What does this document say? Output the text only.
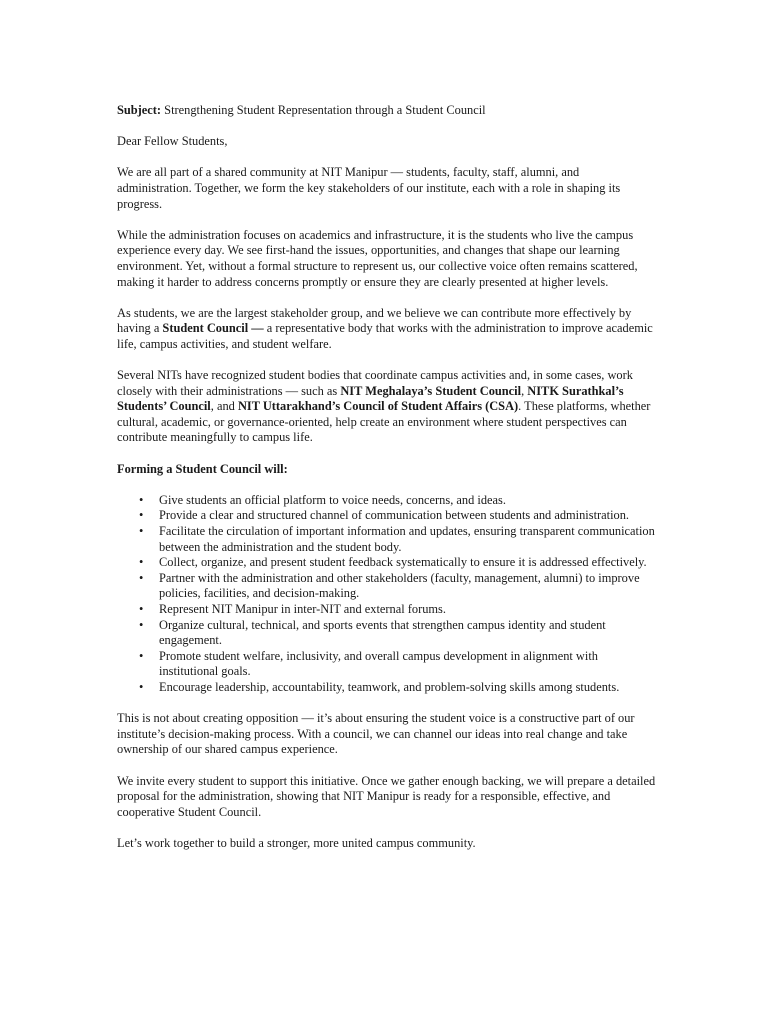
Subject: Strengthening Student Representation through a Student Council

Dear Fellow Students,

We are all part of a shared community at NIT Manipur — students, faculty, staff, alumni, and administration. Together, we form the key stakeholders of our institute, each with a role in shaping its progress.

While the administration focuses on academics and infrastructure, it is the students who live the campus experience every day. We see first-hand the issues, opportunities, and changes that shape our learning environment. Yet, without a formal structure to represent us, our collective voice often remains scattered, making it harder to address concerns promptly or ensure they are clearly presented at higher levels.

As students, we are the largest stakeholder group, and we believe we can contribute more effectively by having a Student Council — a representative body that works with the administration to improve academic life, campus activities, and student welfare.

Several NITs have recognized student bodies that coordinate campus activities and, in some cases, work closely with their administrations — such as NIT Meghalaya’s Student Council, NITK Surathkal’s Students’ Council, and NIT Uttarakhand’s Council of Student Affairs (CSA). These platforms, whether cultural, academic, or governance-oriented, help create an environment where student perspectives can contribute meaningfully to campus life.

Forming a Student Council will:

• Give students an official platform to voice needs, concerns, and ideas.
• Provide a clear and structured channel of communication between students and administration.
• Facilitate the circulation of important information and updates, ensuring transparent communication between the administration and the student body.
• Collect, organize, and present student feedback systematically to ensure it is addressed effectively.
• Partner with the administration and other stakeholders (faculty, management, alumni) to improve policies, facilities, and decision-making.
• Represent NIT Manipur in inter-NIT and external forums.
• Organize cultural, technical, and sports events that strengthen campus identity and student engagement.
• Promote student welfare, inclusivity, and overall campus development in alignment with institutional goals.
• Encourage leadership, accountability, teamwork, and problem-solving skills among students.

This is not about creating opposition — it’s about ensuring the student voice is a constructive part of our institute’s decision-making process. With a council, we can channel our ideas into real change and take ownership of our shared campus experience.

We invite every student to support this initiative. Once we gather enough backing, we will prepare a detailed proposal for the administration, showing that NIT Manipur is ready for a responsible, effective, and cooperative Student Council.

Let’s work together to build a stronger, more united campus community.
